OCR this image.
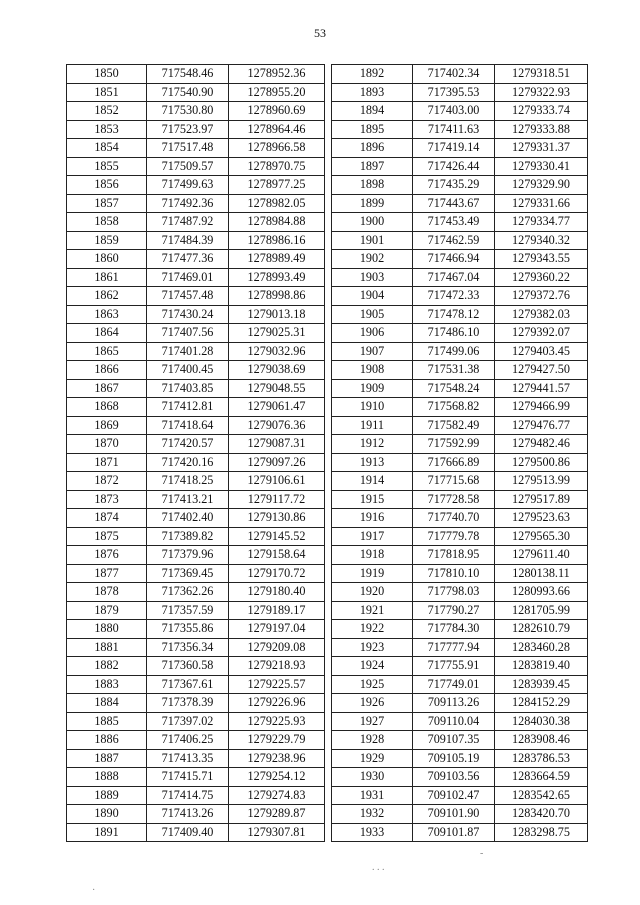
53
1850	717548.46	1278952.36
1851	717540.90	1278955.20
1852	717530.80	1278960.69
1853	717523.97	1278964.46
1854	717517.48	1278966.58
1855	717509.57	1278970.75
1856	717499.63	1278977.25
1857	717492.36	1278982.05
1858	717487.92	1278984.88
1859	717484.39	1278986.16
1860	717477.36	1278989.49
1861	717469.01	1278993.49
1862	717457.48	1278998.86
1863	717430.24	1279013.18
1864	717407.56	1279025.31
1865	717401.28	1279032.96
1866	717400.45	1279038.69
1867	717403.85	1279048.55
1868	717412.81	1279061.47
1869	717418.64	1279076.36
1870	717420.57	1279087.31
1871	717420.16	1279097.26
1872	717418.25	1279106.61
1873	717413.21	1279117.72
1874	717402.40	1279130.86
1875	717389.82	1279145.52
1876	717379.96	1279158.64
1877	717369.45	1279170.72
1878	717362.26	1279180.40
1879	717357.59	1279189.17
1880	717355.86	1279197.04
1881	717356.34	1279209.08
1882	717360.58	1279218.93
1883	717367.61	1279225.57
1884	717378.39	1279226.96
1885	717397.02	1279225.93
1886	717406.25	1279229.79
1887	717413.35	1279238.96
1888	717415.71	1279254.12
1889	717414.75	1279274.83
1890	717413.26	1279289.87
1891	717409.40	1279307.81
1892	717402.34	1279318.51
1893	717395.53	1279322.93
1894	717403.00	1279333.74
1895	717411.63	1279333.88
1896	717419.14	1279331.37
1897	717426.44	1279330.41
1898	717435.29	1279329.90
1899	717443.67	1279331.66
1900	717453.49	1279334.77
1901	717462.59	1279340.32
1902	717466.94	1279343.55
1903	717467.04	1279360.22
1904	717472.33	1279372.76
1905	717478.12	1279382.03
1906	717486.10	1279392.07
1907	717499.06	1279403.45
1908	717531.38	1279427.50
1909	717548.24	1279441.57
1910	717568.82	1279466.99
1911	717582.49	1279476.77
1912	717592.99	1279482.46
1913	717666.89	1279500.86
1914	717715.68	1279513.99
1915	717728.58	1279517.89
1916	717740.70	1279523.63
1917	717779.78	1279565.30
1918	717818.95	1279611.40
1919	717810.10	1280138.11
1920	717798.03	1280993.66
1921	717790.27	1281705.99
1922	717784.30	1282610.79
1923	717777.94	1283460.28
1924	717755.91	1283819.40
1925	717749.01	1283939.45
1926	709113.26	1284152.29
1927	709110.04	1284030.38
1928	709107.35	1283908.46
1929	709105.19	1283786.53
1930	709103.56	1283664.59
1931	709102.47	1283542.65
1932	709101.90	1283420.70
1933	709101.87	1283298.75
-
. . .
·
